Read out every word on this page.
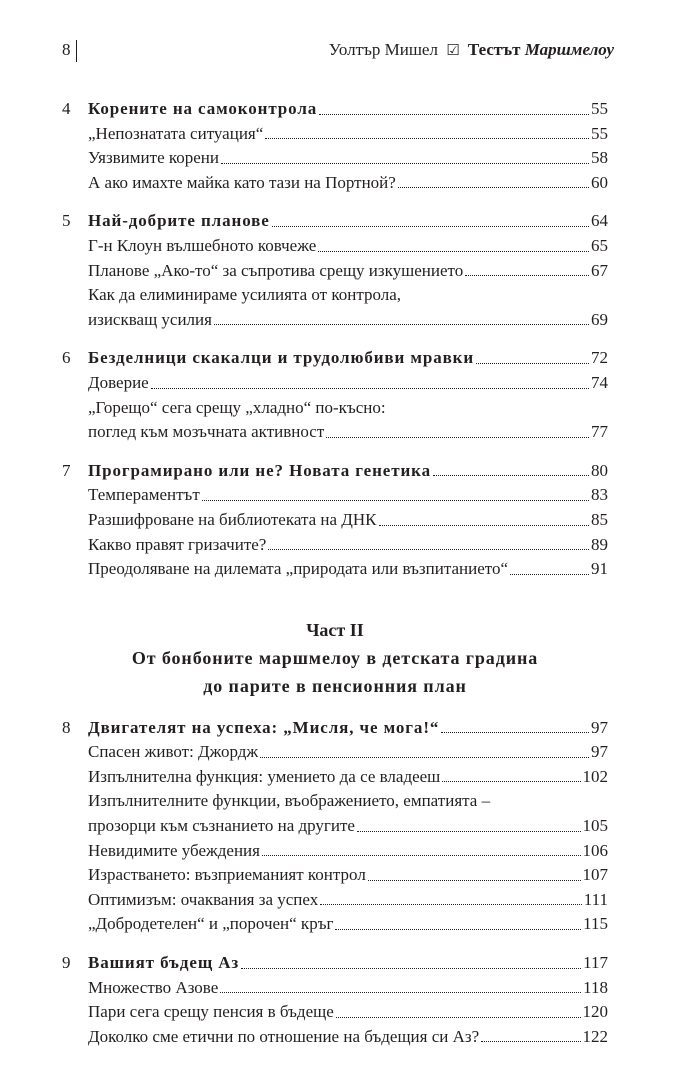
8	Уолтър Мишел ☑ Тестът Маршмелоу
4 Корените на самоконтрола	55
„Непознатата ситуация“	55
Уязвимите корени	58
А ако имахте майка като тази на Портной?	60
5 Най-добрите планове	64
Г-н Клоун вълшебното ковчеже	65
Планове „Ако-то“ за съпротива срещу изкушението	67
Как да елиминираме усилията от контрола,
изискващ усилия	69
6 Безделници скакалци и трудолюбиви мравки	72
Доверие	74
„Горещо“ сега срещу „хладно“ по-късно:
поглед към мозъчната активност	77
7 Програмирано или не? Новата генетика	80
Темпераментът	83
Разшифроване на библиотеката на ДНК	85
Какво правят гризачите?	89
Преодоляване на дилемата „природата или възпитанието“	91
Част II
От бонбоните маршмелоу в детската градина
до парите в пенсионния план
8 Двигателят на успеха: „Мисля, че мога!“	97
Спасен живот: Джордж	97
Изпълнителна функция: умението да се владееш	102
Изпълнителните функции, въображението, емпатията –
прозорци към съзнанието на другите	105
Невидимите убеждения	106
Израстването: възприеманият контрол	107
Оптимизъм: очаквания за успех	111
„Добродетелен“ и „порочен“ кръг	115
9 Вашият бъдещ Аз	117
Множество Азове	118
Пари сега срещу пенсия в бъдеще	120
Доколко сме етични по отношение на бъдещия си Аз?	122
